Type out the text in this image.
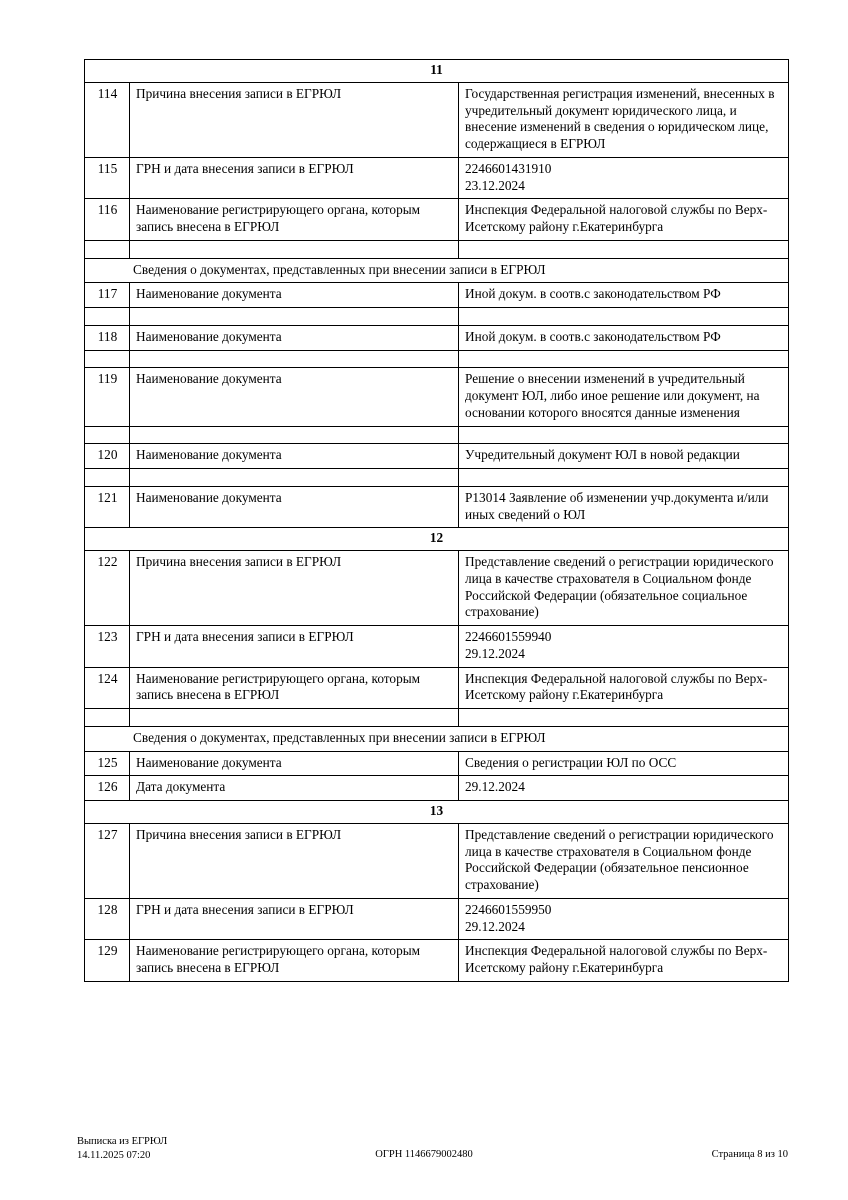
11		
114	Причина внесения записи в ЕГРЮЛ	Государственная регистрация изменений, внесенных в учредительный документ юридического лица, и внесение изменений в сведения о юридическом лице, содержащиеся в ЕГРЮЛ
115	ГРН и дата внесения записи в ЕГРЮЛ	2246601431910
23.12.2024
116	Наименование регистрирующего органа, которым запись внесена в ЕГРЮЛ	Инспекция Федеральной налоговой службы по Верх-Исетскому району г.Екатеринбурга

Сведения о документах, представленных при внесении записи в ЕГРЮЛ		
117	Наименование документа	Иной докум. в соотв.с законодательством РФ

118	Наименование документа	Иной докум. в соотв.с законодательством РФ

119	Наименование документа	Решение о внесении изменений в учредительный документ ЮЛ, либо иное решение или документ, на основании которого вносятся данные изменения

120	Наименование документа	Учредительный документ ЮЛ в новой редакции

121	Наименование документа	Р13014 Заявление об изменении учр.документа и/или иных сведений о ЮЛ
12		
122	Причина внесения записи в ЕГРЮЛ	Представление сведений о регистрации юридического лица в качестве страхователя в Социальном фонде Российской Федерации (обязательное социальное страхование)
123	ГРН и дата внесения записи в ЕГРЮЛ	2246601559940
29.12.2024
124	Наименование регистрирующего органа, которым запись внесена в ЕГРЮЛ	Инспекция Федеральной налоговой службы по Верх-Исетскому району г.Екатеринбурга

Сведения о документах, представленных при внесении записи в ЕГРЮЛ		
125	Наименование документа	Сведения о регистрации ЮЛ по ОСС
126	Дата документа	29.12.2024
13		
127	Причина внесения записи в ЕГРЮЛ	Представление сведений о регистрации юридического лица в качестве страхователя в Социальном фонде Российской Федерации (обязательное пенсионное страхование)
128	ГРН и дата внесения записи в ЕГРЮЛ	2246601559950
29.12.2024
129	Наименование регистрирующего органа, которым запись внесена в ЕГРЮЛ	Инспекция Федеральной налоговой службы по Верх-Исетскому району г.Екатеринбурга
Выписка из ЕГРЮЛ
14.11.2025 07:20	ОГРН 1146679002480	Страница 8 из 10
